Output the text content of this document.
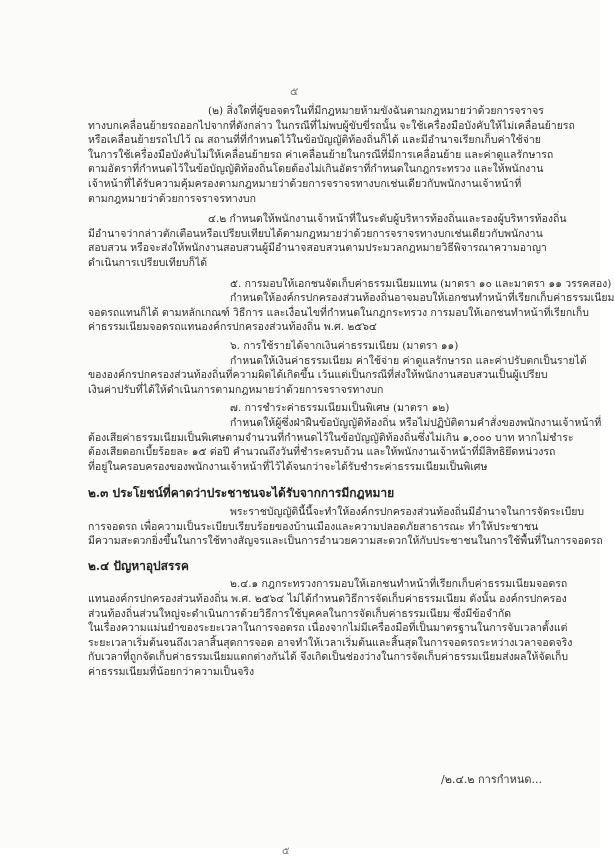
๕
(๒) สิ่งใดที่ผู้ขอจดรในที่มีกฎหมายห้ามขังฉันตามกฎหมายว่าด้วยการจราจร
ทางบกเคลื่อนย้ายรถออกไปจากที่ดังกล่าว ในกรณีที่ไม่พบผู้ขับขี่รถนั้น จะใช้เครื่องมือบังคับให้ไม่เคลื่อนย้ายรถ
หรือเคลื่อนย้ายรถไปไว้ ณ สถานที่ที่กำหนดไว้ในข้อบัญญัติท้องถิ่นก็ได้ และมีอำนาจเรียกเก็บค่าใช้จ่าย
ในการใช้เครื่องมือบังคับไม่ให้เคลื่อนย้ายรถ ค่าเคลื่อนย้ายในกรณีที่มีการเคลื่อนย้าย และค่าดูแลรักษารถ
ตามอัตราที่กำหนดไว้ในข้อบัญญัติท้องถิ่นโดยต้องไม่เกินอัตราที่กำหนดในกฎกระทรวง และให้พนักงาน
เจ้าหน้าที่ได้รับความคุ้มครองตามกฎหมายว่าด้วยการจราจรทางบกเช่นเดียวกับพนักงานเจ้าหน้าที่
ตามกฎหมายว่าด้วยการจราจรทางบก
๔.๒ กำหนดให้พนักงานเจ้าหน้าที่ในระดับผู้บริหารท้องถิ่นและรองผู้บริหารท้องถิ่น
มีอำนาจว่ากล่าวตักเตือนหรือเปรียบเทียบได้ตามกฎหมายว่าด้วยการจราจรทางบกเช่นเดียวกับพนักงาน
สอบสวน หรือจะส่งให้พนักงานสอบสวนผู้มีอำนาจสอบสวนตามประมวลกฎหมายวิธีพิจารณาความอาญา
ดำเนินการเปรียบเทียบก็ได้
๕. การมอบให้เอกชนจัดเก็บค่าธรรมเนียมแทน (มาตรา ๑๐ และมาตรา ๑๑ วรรคสอง)
กำหนดให้องค์กรปกครองส่วนท้องถิ่นอาจมอบให้เอกชนทำหน้าที่เรียกเก็บค่าธรรมเนียม
จอดรถแทนก็ได้ ตามหลักเกณฑ์ วิธีการ และเงื่อนไขที่กำหนดในกฎกระทรวง การมอบให้เอกชนทำหน้าที่เรียกเก็บ
ค่าธรรมเนียมจอดรถแทนองค์กรปกครองส่วนท้องถิ่น พ.ศ. ๒๕๖๔
๖. การใช้รายได้จากเงินค่าธรรมเนียม (มาตรา ๑๑)
กำหนดให้เงินค่าธรรมเนียม ค่าใช้จ่าย ค่าดูแลรักษารถ และค่าปรับตกเป็นรายได้
ขององค์กรปกครองส่วนท้องถิ่นที่ความผิดได้เกิดขึ้น เว้นแต่เป็นกรณีที่ส่งให้พนักงานสอบสวนเป็นผู้เปรียบ
เงินค่าปรับที่ได้ให้ดำเนินการตามกฎหมายว่าด้วยการจราจรทางบก
๗. การชำระค่าธรรมเนียมเป็นพิเศษ (มาตรา ๑๒)
กำหนดให้ผู้ซึ่งฝ่าฝืนข้อบัญญัติท้องถิ่น หรือไม่ปฏิบัติตามคำสั่งของพนักงานเจ้าหน้าที่
ต้องเสียค่าธรรมเนียมเป็นพิเศษตามจำนวนที่กำหนดไว้ในข้อบัญญัติท้องถิ่นซึ่งไม่เกิน ๑,๐๐๐ บาท หากไม่ชำระ
ต้องเสียดอกเบี้ยร้อยละ ๑๕ ต่อปี คำนวณถึงวันที่ชำระครบถ้วน และให้พนักงานเจ้าหน้าที่มีสิทธิยึดหน่วงรถ
ที่อยู่ในครอบครองของพนักงานเจ้าหน้าที่ไว้ได้จนกว่าจะได้รับชำระค่าธรรมเนียมเป็นพิเศษ
๒.๓ ประโยชน์ที่คาดว่าประชาชนจะได้รับจากการมีกฎหมาย
พระราชบัญญัตินี้นี้จะทำให้องค์กรปกครองส่วนท้องถิ่นมีอำนาจในการจัดระเบียบ
การจอดรถ เพื่อความเป็นระเบียบเรียบร้อยของบ้านเมืองและความปลอดภัยสาธารณะ ทำให้ประชาชน
มีความสะดวกยิ่งขึ้นในการใช้ทางสัญจรและเป็นการอำนวยความสะดวกให้กับประชาชนในการใช้พื้นที่ในการจอดรถ
๒.๔ ปัญหาอุปสรรค
๒.๔.๑ กฎกระทรวงการมอบให้เอกชนทำหน้าที่เรียกเก็บค่าธรรมเนียมจอดรถ
แทนองค์กรปกครองส่วนท้องถิ่น พ.ศ. ๒๕๖๔ ไม่ได้กำหนดวิธีการจัดเก็บค่าธรรมเนียม ดังนั้น องค์กรปกครอง
ส่วนท้องถิ่นส่วนใหญ่จะดำเนินการด้วยวิธีการใช้บุคคลในการจัดเก็บค่าธรรมเนียม ซึ่งมีข้อจำกัด
ในเรื่องความแม่นยำของระยะเวลาในการจอดรถ เนื่องจากไม่มีเครื่องมือที่เป็นมาตรฐานในการจับเวลาตั้งแต่
ระยะเวลาเริ่มต้นจนถึงเวลาสิ้นสุดการจอด อาจทำให้เวลาเริ่มต้นและสิ้นสุดในการจอดรถระหว่างเวลาจอดจริง
กับเวลาที่ถูกจัดเก็บค่าธรรมเนียมแตกต่างกันได้ จึงเกิดเป็นช่องว่างในการจัดเก็บค่าธรรมเนียมส่งผลให้จัดเก็บ
ค่าธรรมเนียมที่น้อยกว่าความเป็นจริง
/๒.๔.๒ การกำหนด...
๕
